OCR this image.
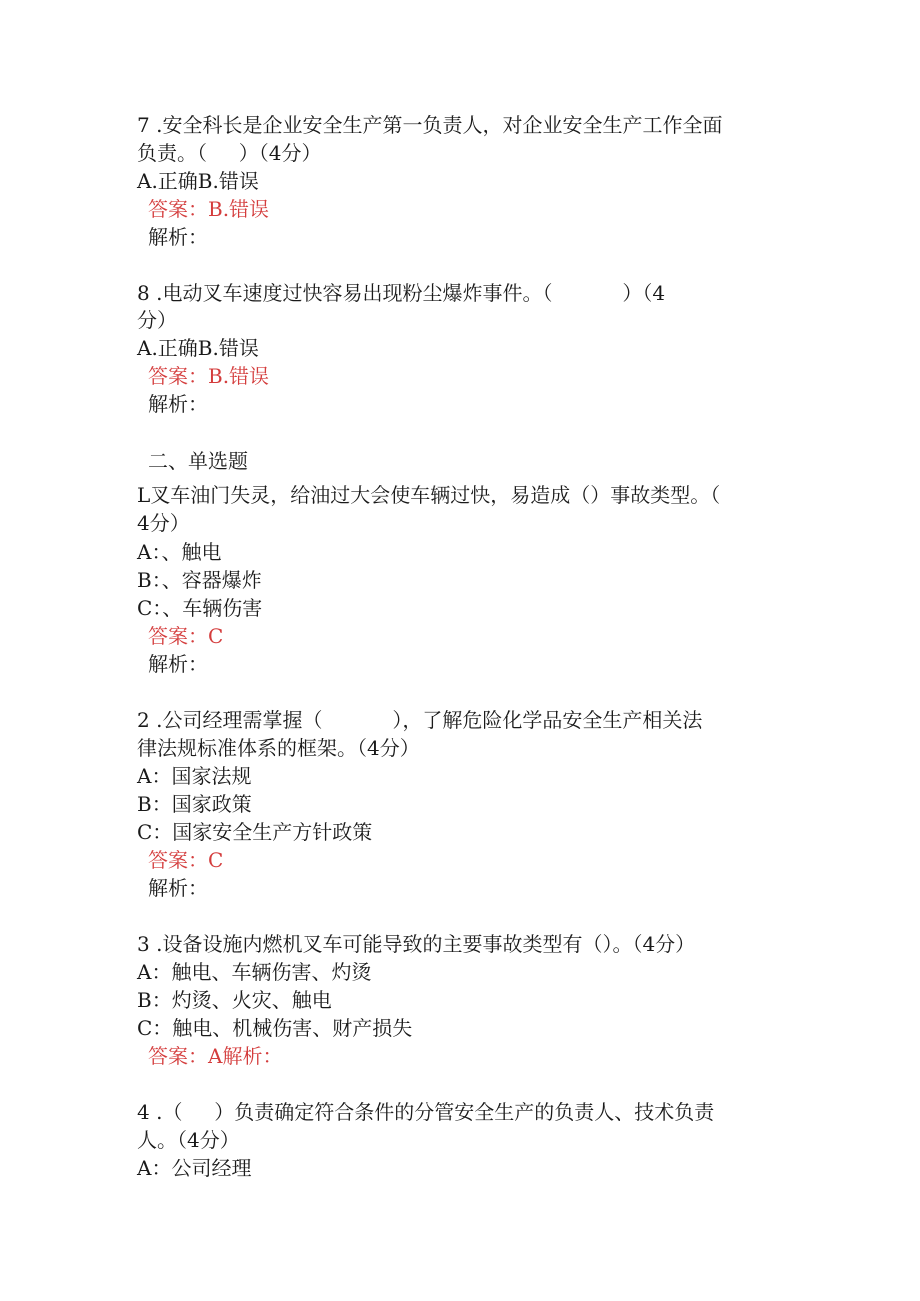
7 .安全科长是企业安全生产第一负责人，对企业安全生产工作全面
负责。（     ）（4分）
A.正确B.错误
答案：B.错误
解析：
8 .电动叉车速度过快容易出现粉尘爆炸事件。（           ）（4
分）
A.正确B.错误
答案：B.错误
解析：
二、单选题
L叉车油门失灵，给油过大会使车辆过快，易造成（）事故类型。（
4分）
A：、触电
B：、容器爆炸
C：、车辆伤害
答案：C
解析：
2 .公司经理需掌握（           ），了解危险化学品安全生产相关法
律法规标准体系的框架。（4分）
A：国家法规
B：国家政策
C：国家安全生产方针政策
答案：C
解析：
3 .设备设施内燃机叉车可能导致的主要事故类型有（）。（4分）
A：触电、车辆伤害、灼烫
B：灼烫、火灾、触电
C：触电、机械伤害、财产损失
答案：A解析：
4 .（     ）负责确定符合条件的分管安全生产的负责人、技术负责
人。（4分）
A：公司经理
